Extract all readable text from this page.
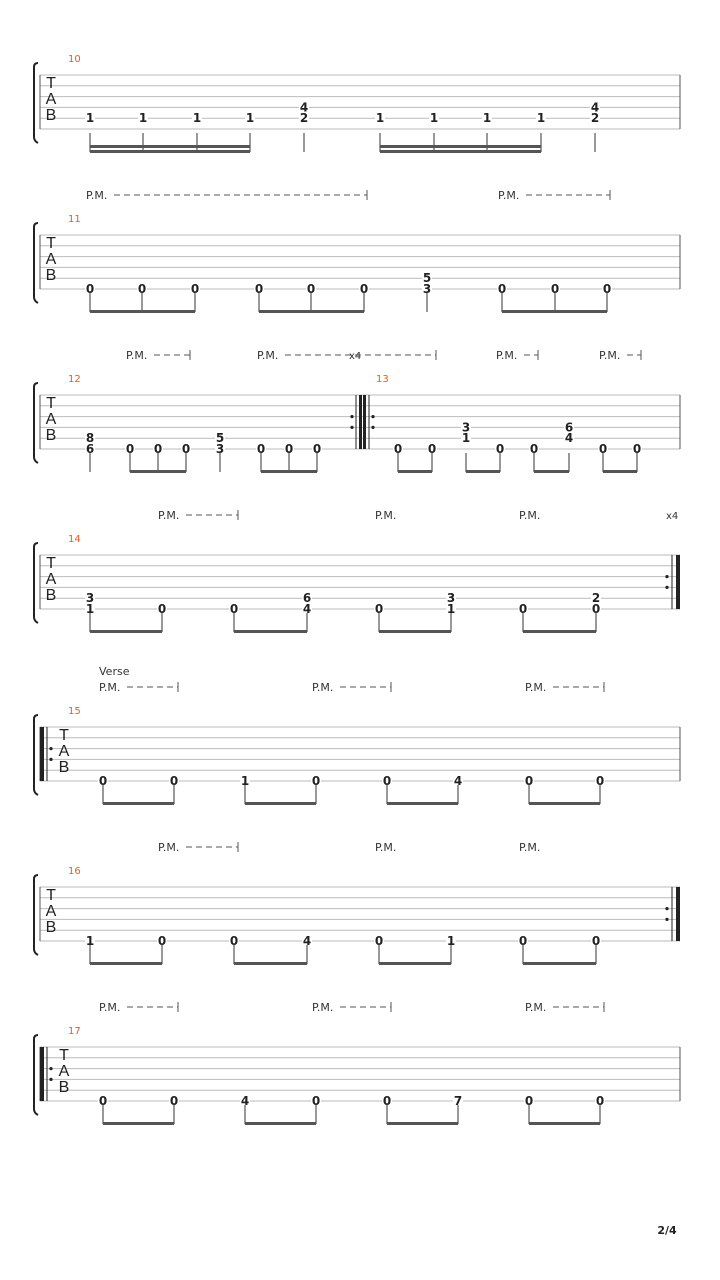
T
A
B
10
1	1	1	1
4
2	1	1	1	1
4
2
T
A
B
11
P.M.	P.M.
0	0	0	0	0	0
5
3	0	0	0
T
A
B
12	13
x4
P.M.	P.M.	P.M.	P.M.
8
6	0 0 0
5
3	0 0 0	0 0
3
1
0 0
6
4
0 0
T
A
B
14
x4
P.M.	P.M.	P.M.
3
1	0	0
6
4	0
3
1	0
2
0
T
A
B
15
Verse
P.M.	P.M.	P.M.
0	0	1	0	0	4	0	0
T
A
B
16
P.M.	P.M.	P.M.
1	0	0	4	0	1	0	0
T
A
B
17
P.M.	P.M.	P.M.
0	0	4	0	0	7	0	0
2/4
